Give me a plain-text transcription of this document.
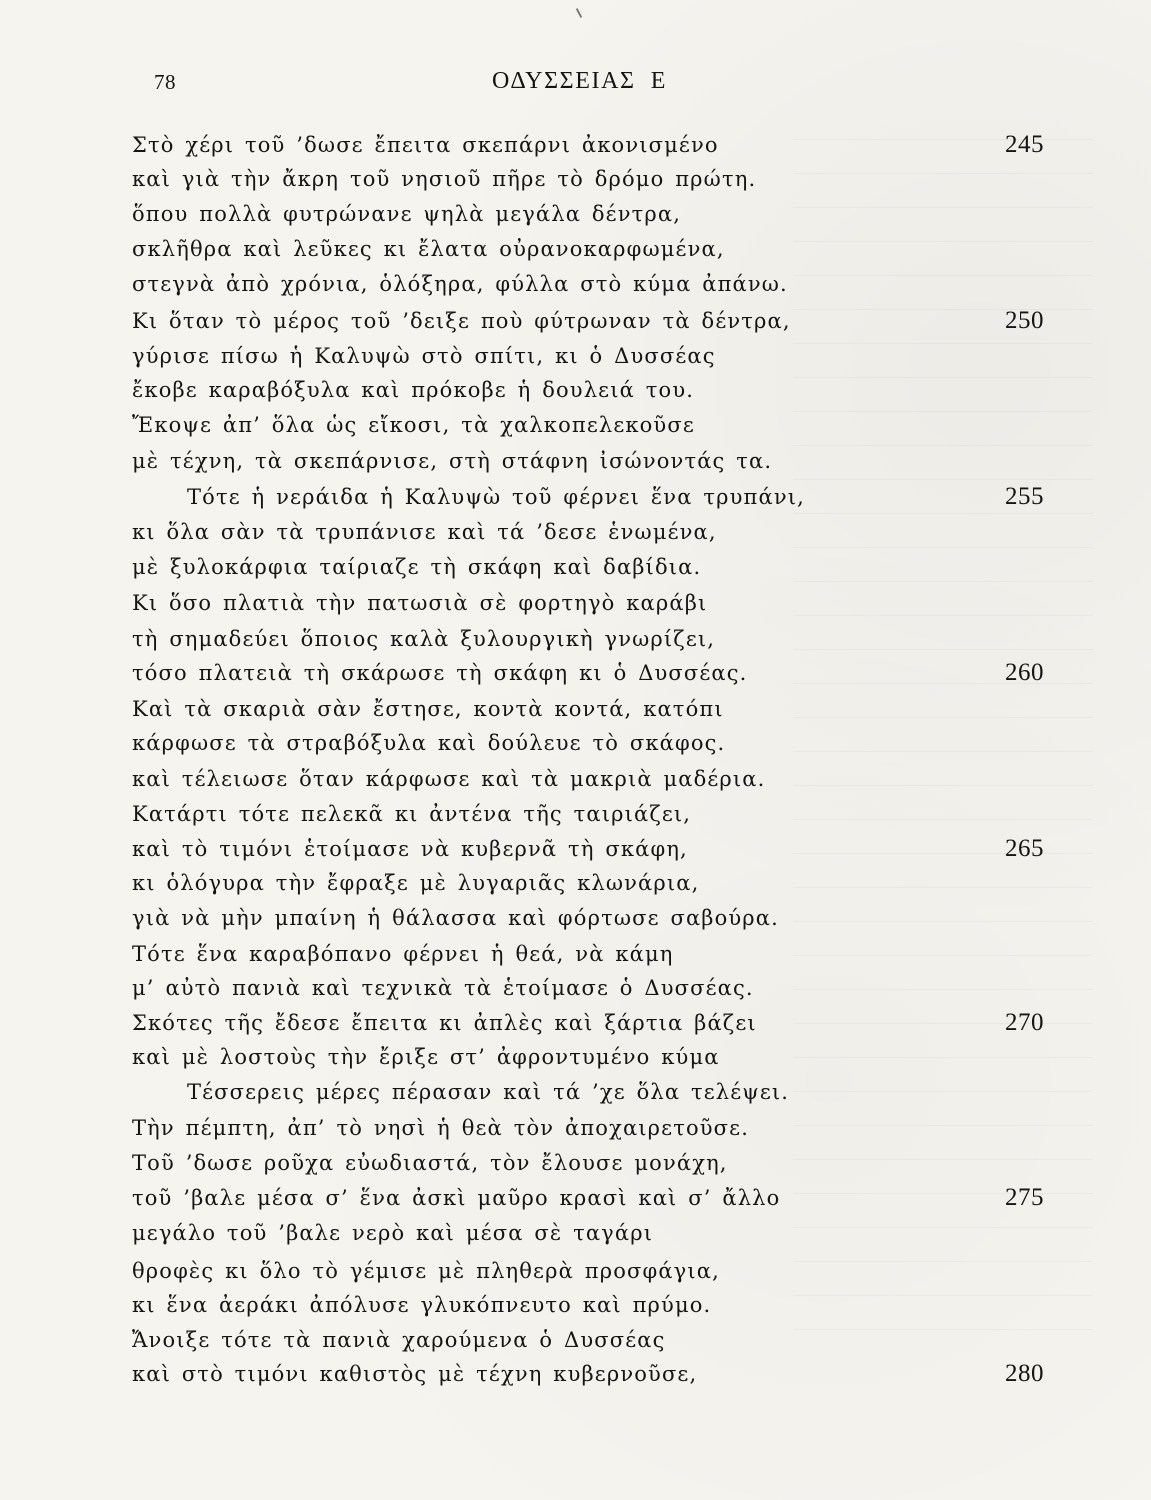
78	ΟΔΥΣΣΕΙΑΣ  Ε
Στὸ χέρι τοῦ ’δωσε ἔπειτα σκεπάρνι ἀκονισμένο	245
καὶ γιὰ τὴν ἄκρη τοῦ νησιοῦ πῆρε τὸ δρόμο πρώτη.
ὅπου πολλὰ φυτρώνανε ψηλὰ μεγάλα δέντρα,
σκλῆθρα καὶ λεῦκες κι ἔλατα οὐρανοκαρφωμένα,
στεγνὰ ἀπὸ χρόνια, ὁλόξηρα, φύλλα στὸ κύμα ἀπάνω.
Κι ὅταν τὸ μέρος τοῦ ’δειξε ποὺ φύτρωναν τὰ δέντρα,	250
γύρισε πίσω ἡ Καλυψὼ στὸ σπίτι, κι ὁ Δυσσέας
ἔκοβε καραβόξυλα καὶ πρόκοβε ἡ δουλειά του.
Ἔκοψε ἀπ’ ὅλα ὡς εἴκοσι, τὰ χαλκοπελεκοῦσε
μὲ τέχνη, τὰ σκεπάρνισε, στὴ στάφνη ἰσώνοντάς τα.
Τότε ἡ νεράιδα ἡ Καλυψὼ τοῦ φέρνει ἕνα τρυπάνι,	255
κι ὅλα σὰν τὰ τρυπάνισε καὶ τά ’δεσε ἑνωμένα,
μὲ ξυλοκάρφια ταίριαζε τὴ σκάφη καὶ δαβίδια.
Κι ὅσο πλατιὰ τὴν πατωσιὰ σὲ φορτηγὸ καράβι
τὴ σημαδεύει ὅποιος καλὰ ξυλουργικὴ γνωρίζει,
τόσο πλατειὰ τὴ σκάρωσε τὴ σκάφη κι ὁ Δυσσέας.	260
Καὶ τὰ σκαριὰ σὰν ἔστησε, κοντὰ κοντά, κατόπι
κάρφωσε τὰ στραβόξυλα καὶ δούλευε τὸ σκάφος.
καὶ τέλειωσε ὅταν κάρφωσε καὶ τὰ μακριὰ μαδέρια.
Κατάρτι τότε πελεκᾶ κι ἀντένα τῆς ταιριάζει,
καὶ τὸ τιμόνι ἑτοίμασε νὰ κυβερνᾶ τὴ σκάφη,	265
κι ὁλόγυρα τὴν ἔφραξε μὲ λυγαριᾶς κλωνάρια,
γιὰ νὰ μὴν μπαίνη ἡ θάλασσα καὶ φόρτωσε σαβούρα.
Τότε ἕνα καραβόπανο φέρνει ἡ θεά, νὰ κάμη
μ’ αὐτὸ πανιὰ καὶ τεχνικὰ τὰ ἑτοίμασε ὁ Δυσσέας.
Σκότες τῆς ἔδεσε ἔπειτα κι ἀπλὲς καὶ ξάρτια βάζει	270
καὶ μὲ λοστοὺς τὴν ἔριξε στ’ ἀφροντυμένο κύμα
Τέσσερεις μέρες πέρασαν καὶ τά ’χε ὅλα τελέψει.
Τὴν πέμπτη, ἀπ’ τὸ νησὶ ἡ θεὰ τὸν ἀποχαιρετοῦσε.
Τοῦ ’δωσε ροῦχα εὐωδιαστά, τὸν ἔλουσε μονάχη,
τοῦ ’βαλε μέσα σ’ ἕνα ἀσκὶ μαῦρο κρασὶ καὶ σ’ ἄλλο	275
μεγάλο τοῦ ’βαλε νερὸ καὶ μέσα σὲ ταγάρι
θροφὲς κι ὅλο τὸ γέμισε μὲ πληθερὰ προσφάγια,
κι ἕνα ἀεράκι ἀπόλυσε γλυκόπνευτο καὶ πρύμο.
Ἄνοιξε τότε τὰ πανιὰ χαρούμενα ὁ Δυσσέας
καὶ στὸ τιμόνι καθιστὸς μὲ τέχνη κυβερνοῦσε,	280
